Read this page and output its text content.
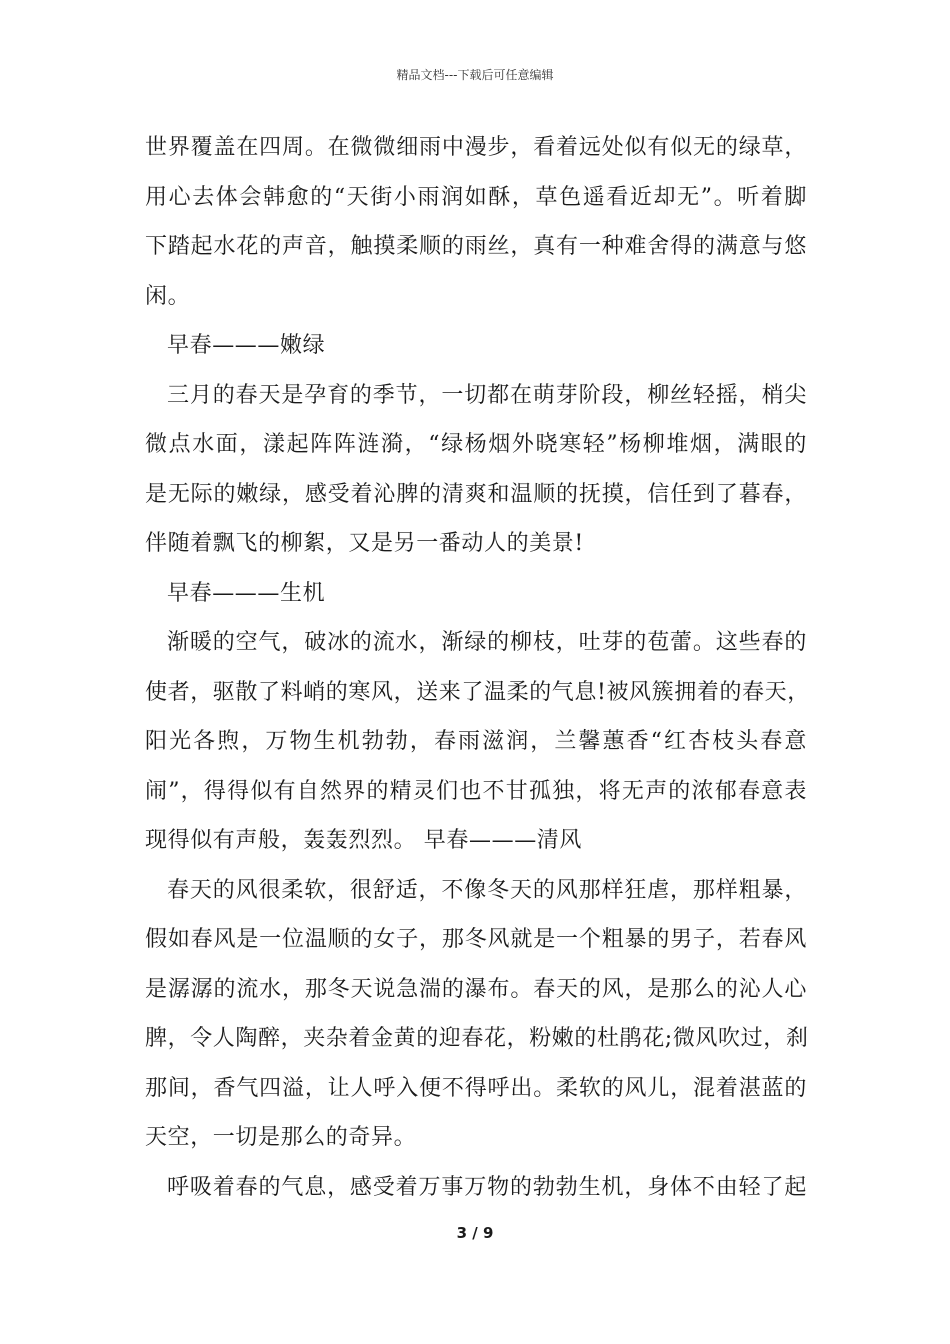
精品文档---下载后可任意编辑
世界覆盖在四周。在微微细雨中漫步，看着远处似有似无的绿草，
用心去体会韩愈的“天街小雨润如酥，草色遥看近却无”。听着脚
下踏起水花的声音，触摸柔顺的雨丝，真有一种难舍得的满意与悠
闲。
早春———嫩绿
三月的春天是孕育的季节，一切都在萌芽阶段，柳丝轻摇，梢尖
微点水面，漾起阵阵涟漪，“绿杨烟外晓寒轻”杨柳堆烟，满眼的
是无际的嫩绿，感受着沁脾的清爽和温顺的抚摸，信任到了暮春，
伴随着飘飞的柳絮，又是另一番动人的美景!
早春———生机
渐暖的空气，破冰的流水，渐绿的柳枝，吐芽的苞蕾。这些春的
使者，驱散了料峭的寒风，送来了温柔的气息!被风簇拥着的春天，
阳光各煦，万物生机勃勃，春雨滋润，兰馨蕙香“红杏枝头春意
闹”，得得似有自然界的精灵们也不甘孤独，将无声的浓郁春意表
现得似有声般，轰轰烈烈。 早春———清风
春天的风很柔软，很舒适，不像冬天的风那样狂虐，那样粗暴，
假如春风是一位温顺的女子，那冬风就是一个粗暴的男子，若春风
是潺潺的流水，那冬天说急湍的瀑布。春天的风，是那么的沁人心
脾，令人陶醉，夹杂着金黄的迎春花，粉嫩的杜鹃花;微风吹过，刹
那间，香气四溢，让人呼入便不得呼出。柔软的风儿，混着湛蓝的
天空，一切是那么的奇异。
呼吸着春的气息，感受着万事万物的勃勃生机，身体不由轻了起
3 / 9
